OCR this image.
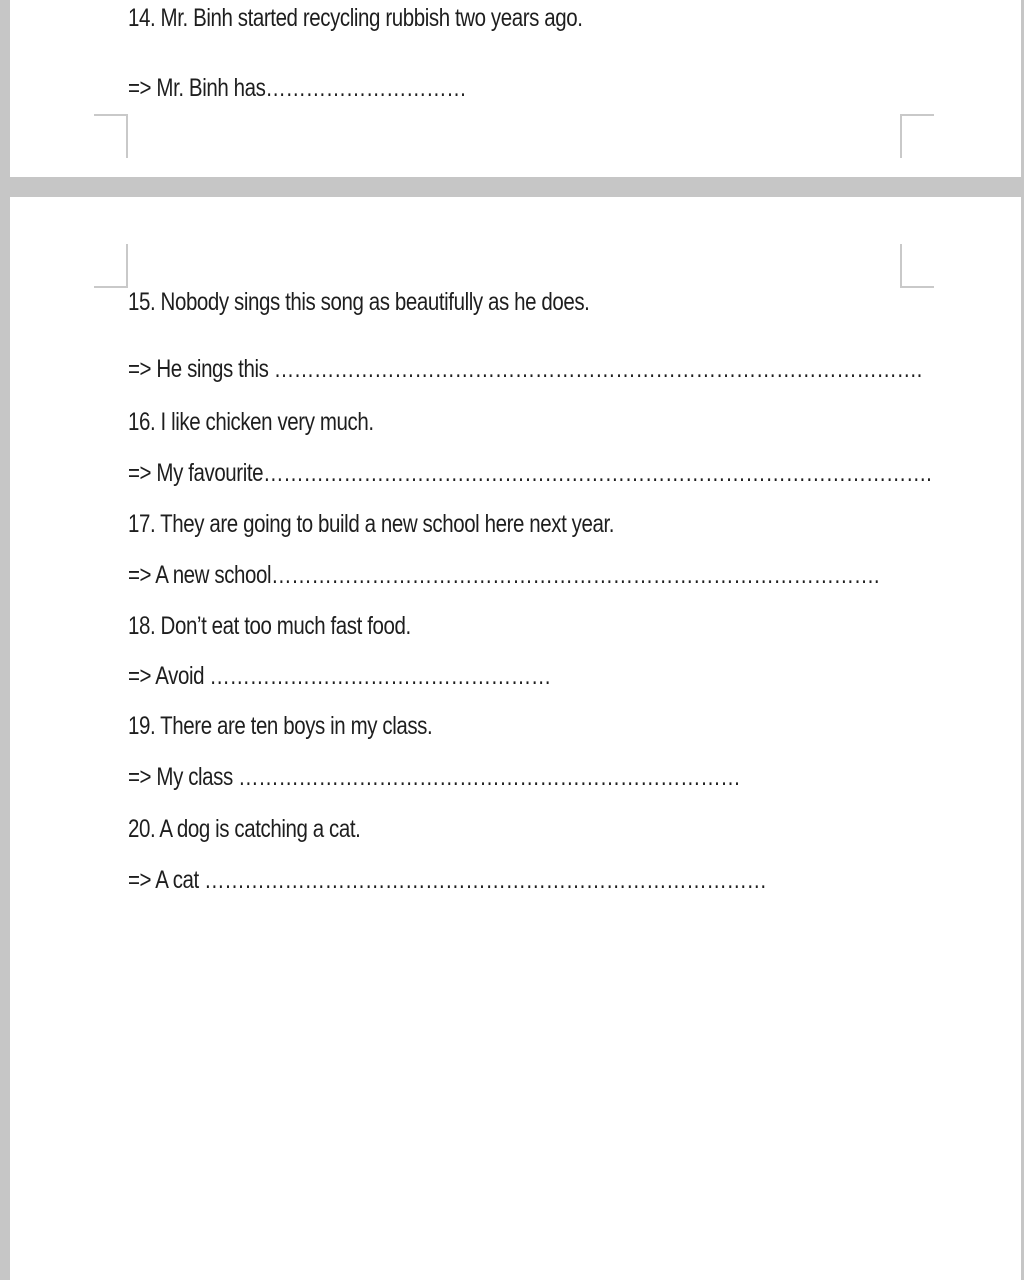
14. Mr. Binh started recycling rubbish two years ago.

=> Mr. Binh has…………………………

15. Nobody sings this song as beautifully as he does.

=> He sings this …………………………………………………………………………………….

16. I like chicken very much.

=> My favourite……………………………………………………………………………………….

17. They are going to build a new school here next year.

=> A new school……………………………………………………………………………….

18. Don’t eat too much fast food.

=> Avoid ……………………………………………

19. There are ten boys in my class.

=> My class …………………………………………………………………

20. A dog is catching a cat.

=> A cat …………………………………………………………………………
